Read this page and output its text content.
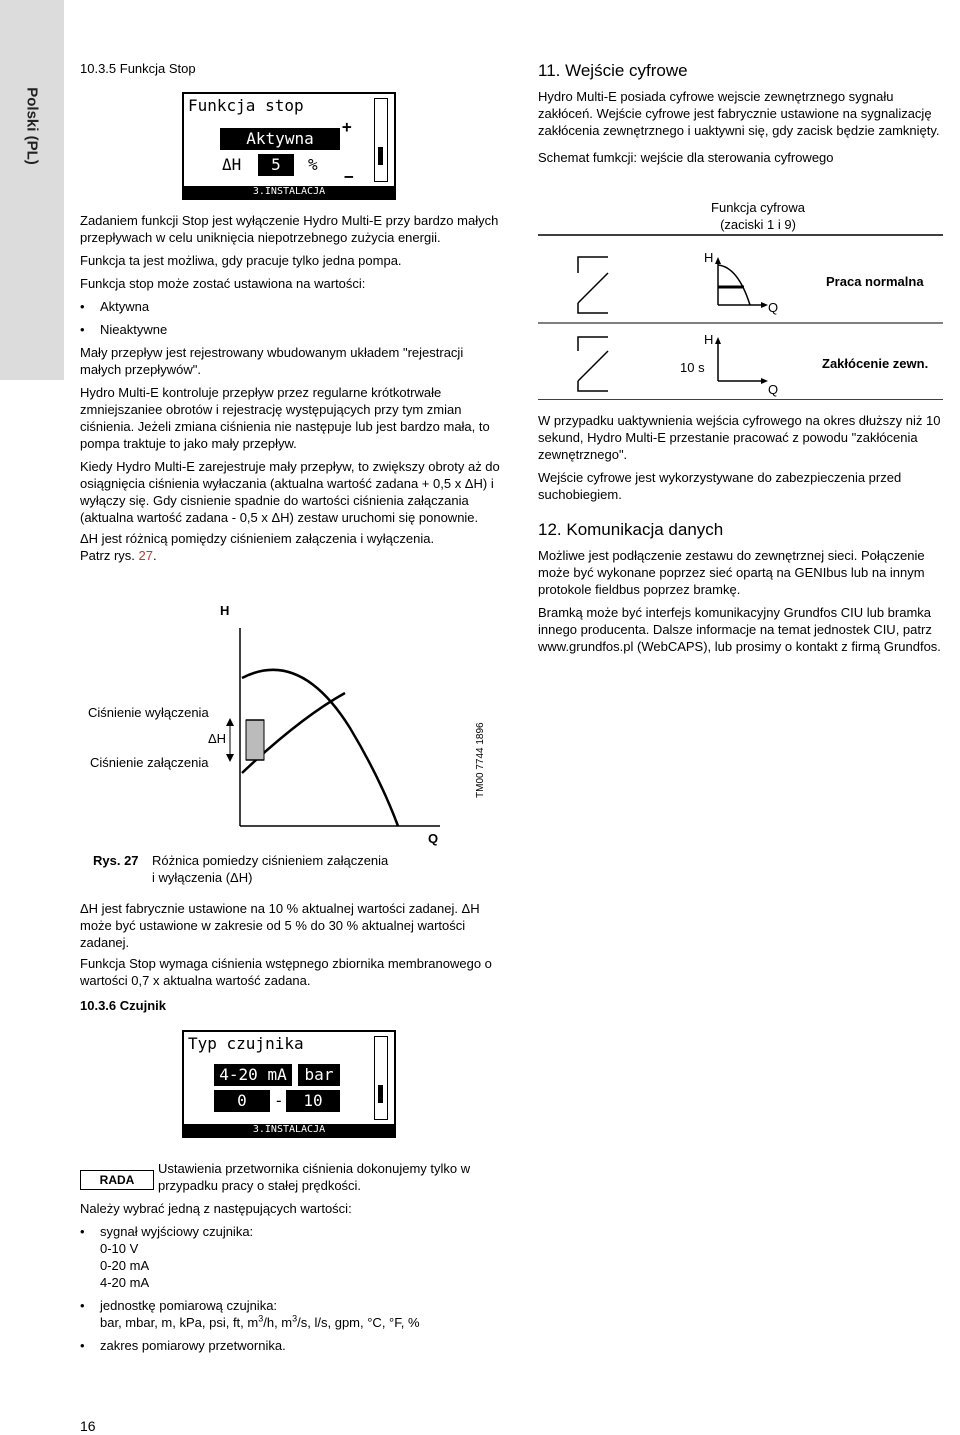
Polski (PL)

10.3.5 Funkcja Stop

Funkcja stop
Aktywna
ΔH	5	%
+
−
3.INSTALACJA

Zadaniem funkcji Stop jest wyłączenie Hydro Multi-E przy bardzo małych przepływach w celu uniknięcia niepotrzebnego zużycia energii.

Funkcja ta jest możliwa, gdy pracuje tylko jedna pompa.

Funkcja stop może zostać ustawiona na wartości:

• Aktywna

• Nieaktywne

Mały przepływ jest rejestrowany wbudowanym układem "rejestracji małych przepływów".

Hydro Multi-E kontroluje przepływ przez regularne krótkotrwałe zmniejszaniee obrotów i rejestrację występujących przy tym zmian ciśnienia. Jeżeli zmiana ciśnienia nie następuje lub jest bardzo mała, to pompa traktuje to jako mały przepływ.

Kiedy Hydro Multi-E zarejestruje mały przepływ, to zwiększy obroty aż do osiągnięcia ciśnienia wyłaczania (aktualna wartość zadana + 0,5 x ΔH) i wyłączy się. Gdy cisnienie spadnie do wartości ciśnienia załączania (aktualna wartość zadana - 0,5 x ΔH) zestaw uruchomi się ponownie.

ΔH jest różnicą pomiędzy ciśnieniem załączenia i wyłączenia.

Patrz rys. 27.

H
Q
Ciśnienie wyłączenia
ΔH
Ciśnienie załączenia	TM00 7744 1896
Rys. 27 Różnica pomiedzy ciśnieniem załączenia
i wyłączenia (ΔH)

ΔH jest fabrycznie ustawione na 10 % aktualnej wartości zadanej. ΔH może być ustawione w zakresie od 5 % do 30 % aktualnej wartości zadanej.

Funkcja Stop wymaga ciśnienia wstępnego zbiornika membranowego o wartości 0,7 x aktualna wartość zadana.

10.3.6 Czujnik

Typ czujnika
4-20 mA	bar
0	-	10
3.INSTALACJA
RADA
Ustawienia przetwornika ciśnienia dokonujemy tylko w przypadku pracy o stałej prędkości.

Należy wybrać jedną z następujących wartości:

• sygnał wyjściowy czujnika:

0-10 V

0-20 mA

4-20 mA

• jednostkę pomiarową czujnika:

bar, mbar, m, kPa, psi, ft, $m^3/h$, $m^3/s$, l/s, gpm, °C, °F, %

• zakres pomiarowy przetwornika.

16

11. Wejście cyfrowe

Hydro Multi-E posiada cyfrowe wejscie zewnętrznego sygnału zakłóceń. Wejście cyfrowe jest fabrycznie ustawione na sygnalizację zakłócenia zewnętrznego i uaktywni się, gdy zacisk będzie zamknięty.

Schemat fumkcji: wejście dla sterowania cyfrowego

Funkcja cyfrowa
(zaciski 1 i 9)
H
Q
Praca normalna
H
10 s
Q
Zakłócenie zewn.

W przypadku uaktywnienia wejścia cyfrowego na okres dłuższy niż 10 sekund, Hydro Multi-E przestanie pracować z powodu "zakłócenia zewnętrznego".

Wejście cyfrowe jest wykorzystywane do zabezpieczenia przed suchobiegiem.

12. Komunikacja danych

Możliwe jest podłączenie zestawu do zewnętrznej sieci. Połączenie może być wykonane poprzez sieć opartą na GENIbus lub na innym protokole fieldbus poprzez bramkę.

Bramką może być interfejs komunikacyjny Grundfos CIU lub bramka innego producenta. Dalsze informacje na temat jednostek CIU, patrz www.grundfos.pl (WebCAPS), lub prosimy o kontakt z firmą Grundfos.
